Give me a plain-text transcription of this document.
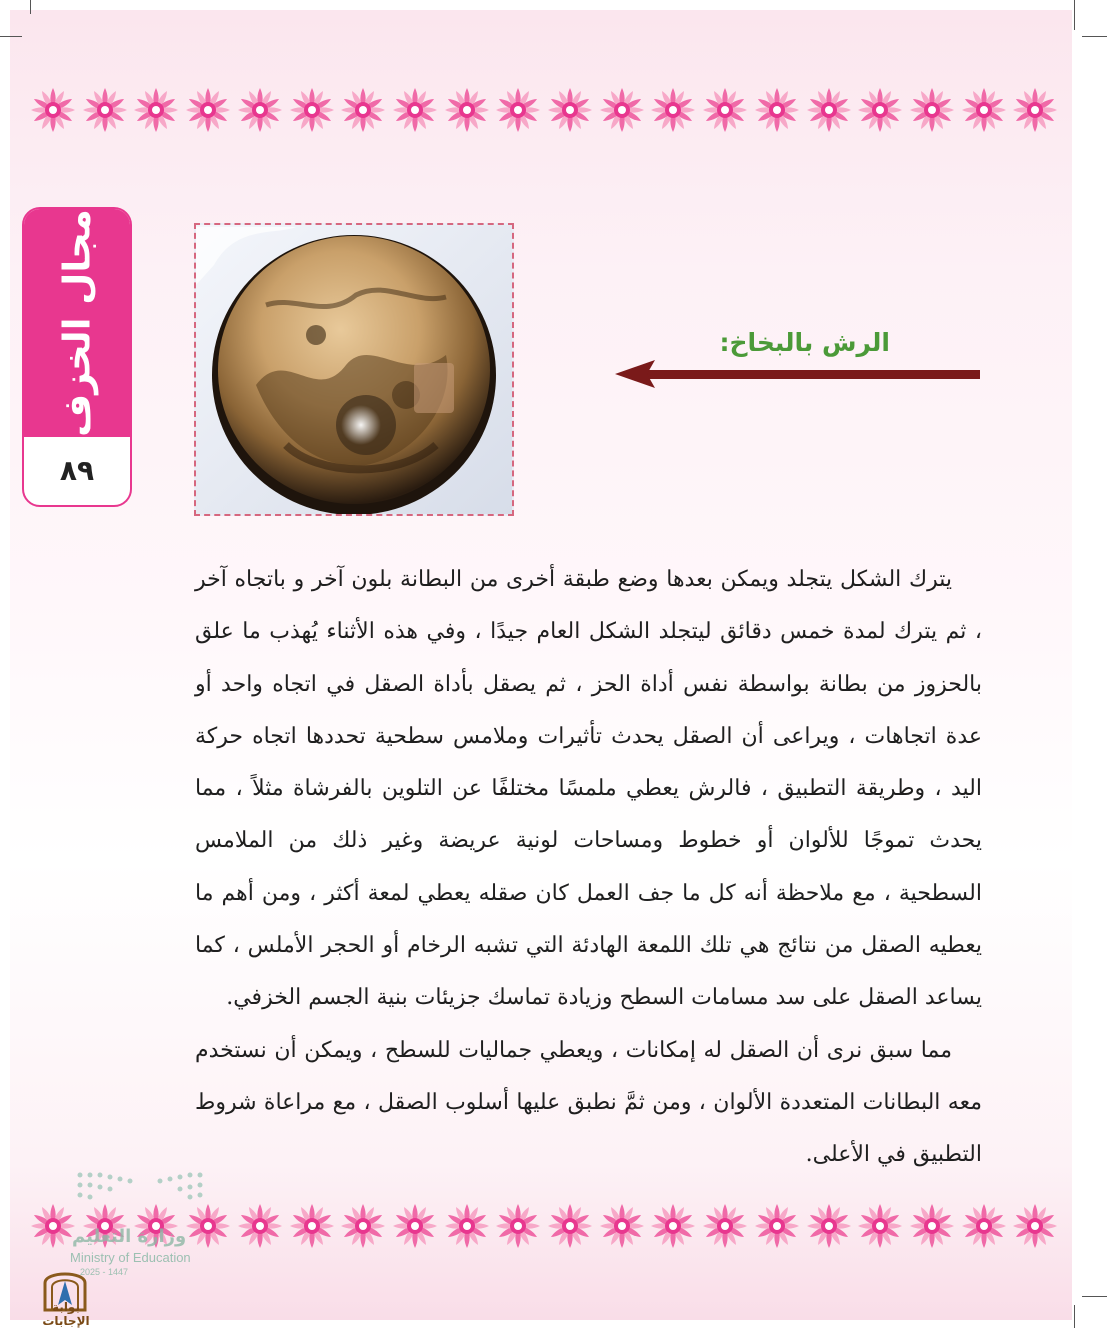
مجال الخزف
٨٩
الرش بالبخاخ:

يترك الشكل يتجلد ويمكن بعدها وضع طبقة أخرى من البطانة بلون آخر و باتجاه آخر ، ثم يترك لمدة خمس دقائق ليتجلد الشكل العام جيدًا ، وفي هذه الأثناء يُهذب ما علق بالحزوز من بطانة بواسطة نفس أداة الحز ، ثم يصقل بأداة الصقل في اتجاه واحد أو عدة اتجاهات ، ويراعى أن الصقل يحدث تأثيرات وملامس سطحية تحددها اتجاه حركة اليد ، وطريقة التطبيق ، فالرش يعطي ملمسًا مختلفًا عن التلوين بالفرشاة مثلاً ، مما يحدث تموجًا للألوان أو خطوط ومساحات لونية عريضة وغير ذلك من الملامس السطحية ، مع ملاحظة أنه كل ما جف العمل كان صقله يعطي لمعة أكثر ، ومن أهم ما يعطيه الصقل من نتائج هي تلك اللمعة الهادئة التي تشبه الرخام أو الحجر الأملس ، كما يساعد الصقل على سد مسامات السطح وزيادة تماسك جزيئات بنية الجسم الخزفي.

مما سبق نرى أن الصقل له إمكانات ، ويعطي جماليات للسطح ، ويمكن أن نستخدم معه البطانات المتعددة الألوان ، ومن ثمَّ نطبق عليها أسلوب الصقل ، مع مراعاة شروط التطبيق في الأعلى.

وزارة التعليم
Ministry of Education
2025 - 1447
بوابة الإجابات
